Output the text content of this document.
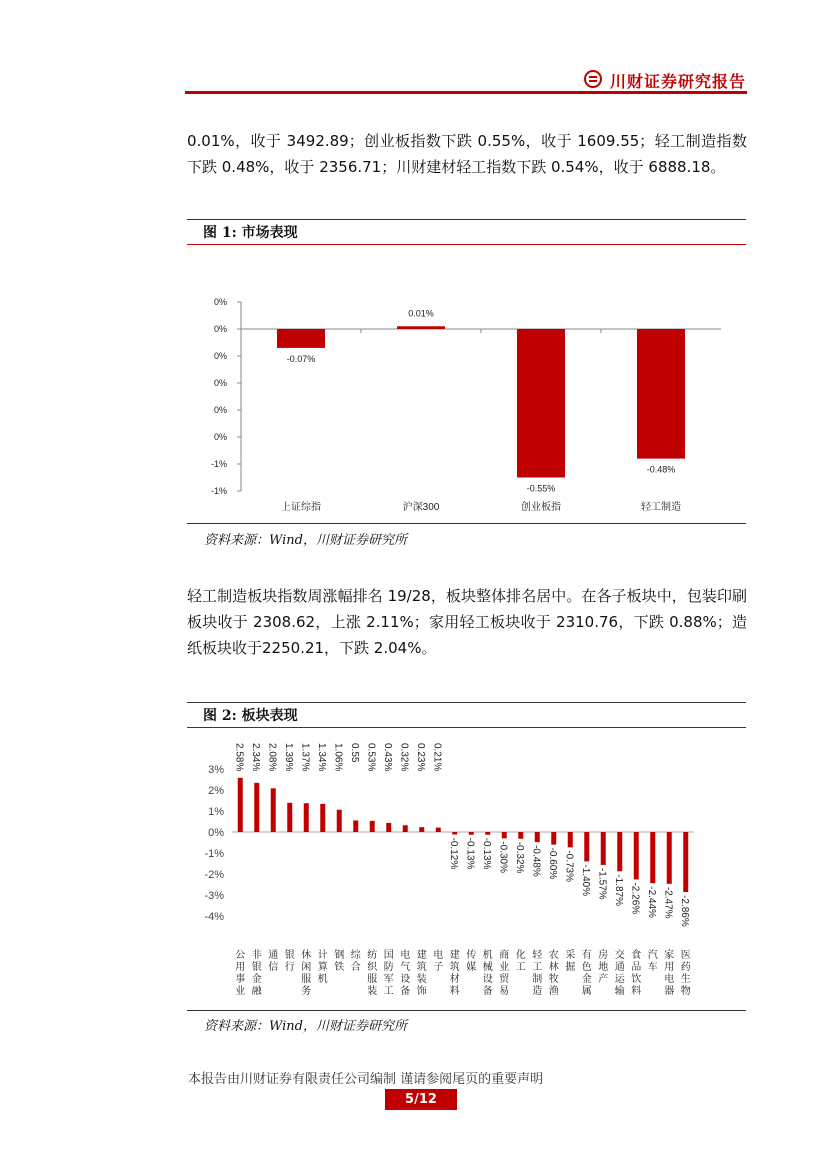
川财证券研究报告
0.01%，收于 3492.89；创业板指数下跌 0.55%，收于 1609.55；轻工制造指数下跌 0.48%，收于 2356.71；川财建材轻工指数下跌 0.54%，收于 6888.18。
图 1: 市场表现
0%
0%
0%
0%
0%
0%
-1%
-1%
-0.07%
上证综指
0.01%
沪深300
-0.55%
创业板指
-0.48%
轻工制造
资料来源：Wind，川财证券研究所
轻工制造板块指数周涨幅排名 19/28，板块整体排名居中。在各子板块中，包装印刷板块收于 2308.62，上涨 2.11%；家用轻工板块收于 2310.76，下跌 0.88%；造纸板块收于2250.21，下跌 2.04%。
图 2: 板块表现
3%
2%
1%
0%
-1%
-2%
-3%
-4%
2.58%
公用事业
2.34%
非银金融
2.08%
通信
1.39%
银行
1.37%
休闲服务
1.34%
计算机
1.06%
钢铁
0.55
综合
0.53%
纺织服装
0.43%
国防军工
0.32%
电气设备
0.23%
建筑装饰
0.21%
电子
-0.12%
建筑材料
-0.13%
传媒
-0.13%
机械设备
-0.30%
商业贸易
-0.32%
化工
-0.48%
轻工制造
-0.60%
农林牧渔
-0.73%
采掘
-1.40%
有色金属
-1.57%
房地产
-1.87%
交通运输
-2.26%
食品饮料
-2.44%
汽车
-2.47%
家用电器
-2.86%
医药生物
资料来源：Wind，川财证券研究所
本报告由川财证券有限责任公司编制 谨请参阅尾页的重要声明
5/12
